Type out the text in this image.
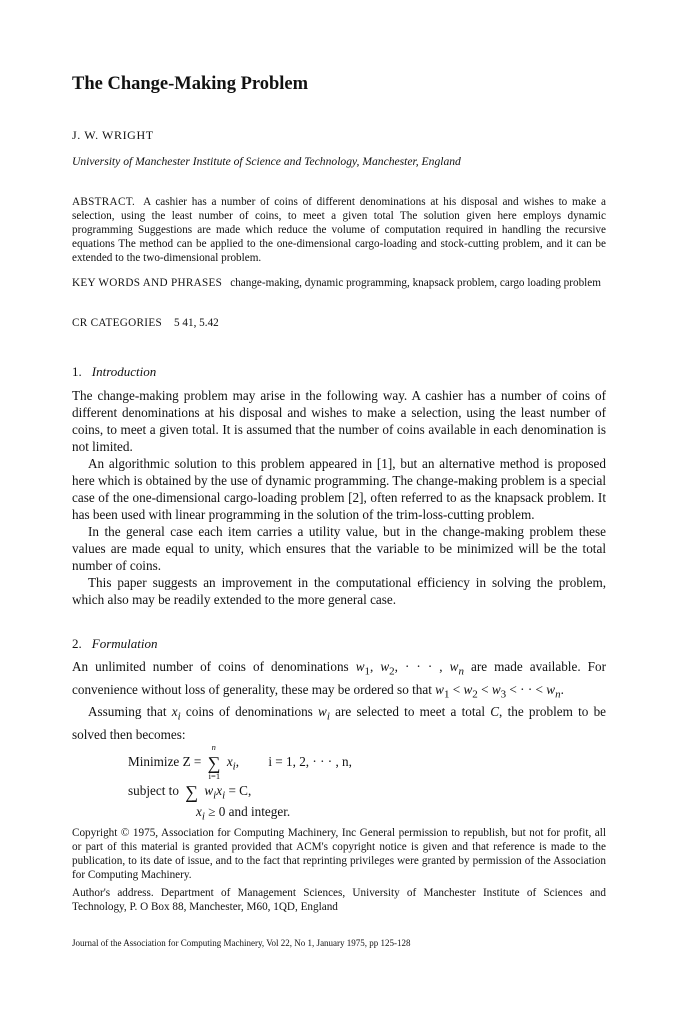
The Change-Making Problem
J. W. WRIGHT
University of Manchester Institute of Science and Technology, Manchester, England
ABSTRACT. A cashier has a number of coins of different denominations at his disposal and wishes to make a selection, using the least number of coins, to meet a given total The solution given here employs dynamic programming Suggestions are made which reduce the volume of computation required in handling the recursive equations The method can be applied to the one-dimensional cargo-loading and stock-cutting problem, and it can be extended to the two-dimensional problem.
KEY WORDS AND PHRASES change-making, dynamic programming, knapsack problem, cargo loading problem
CR CATEGORIES 5 41, 5.42
1. Introduction

The change-making problem may arise in the following way. A cashier has a number of coins of different denominations at his disposal and wishes to make a selection, using the least number of coins, to meet a given total. It is assumed that the number of coins available in each denomination is not limited.

An algorithmic solution to this problem appeared in [1], but an alternative method is proposed here which is obtained by the use of dynamic programming. The change-making problem is a special case of the one-dimensional cargo-loading problem [2], often referred to as the knapsack problem. It has been used with linear programming in the solution of the trim-loss-cutting problem.

In the general case each item carries a utility value, but in the change-making problem these values are made equal to unity, which ensures that the variable to be minimized will be the total number of coins.

This paper suggests an improvement in the computational efficiency in solving the problem, which also may be readily extended to the more general case.

2. Formulation

An unlimited number of coins of denominations $w_1$, $w_2$, · · · , $w_n$ are made available. For convenience without loss of generality, these may be ordered so that $w_1 < w_2 < w_3$ < · · < $w_n$.

Assuming that $x_i$ coins of denominations $w_i$ are selected to meet a total C, the problem to be solved then becomes:

Minimize Z = ∑
n
i=1
$x_i$, i = 1, 2, · · · , n,
subject to ∑ $w_ix_i = C$,
$x_i \ge 0$ and integer.

Copyright © 1975, Association for Computing Machinery, Inc General permission to republish, but not for profit, all or part of this material is granted provided that ACM's copyright notice is given and that reference is made to the publication, to its date of issue, and to the fact that reprinting privileges were granted by permission of the Association for Computing Machinery.

Author's address. Department of Management Sciences, University of Manchester Institute of Sciences and Technology, P. O Box 88, Manchester, M60, 1QD, England

Journal of the Association for Computing Machinery, Vol 22, No 1, January 1975, pp 125-128
